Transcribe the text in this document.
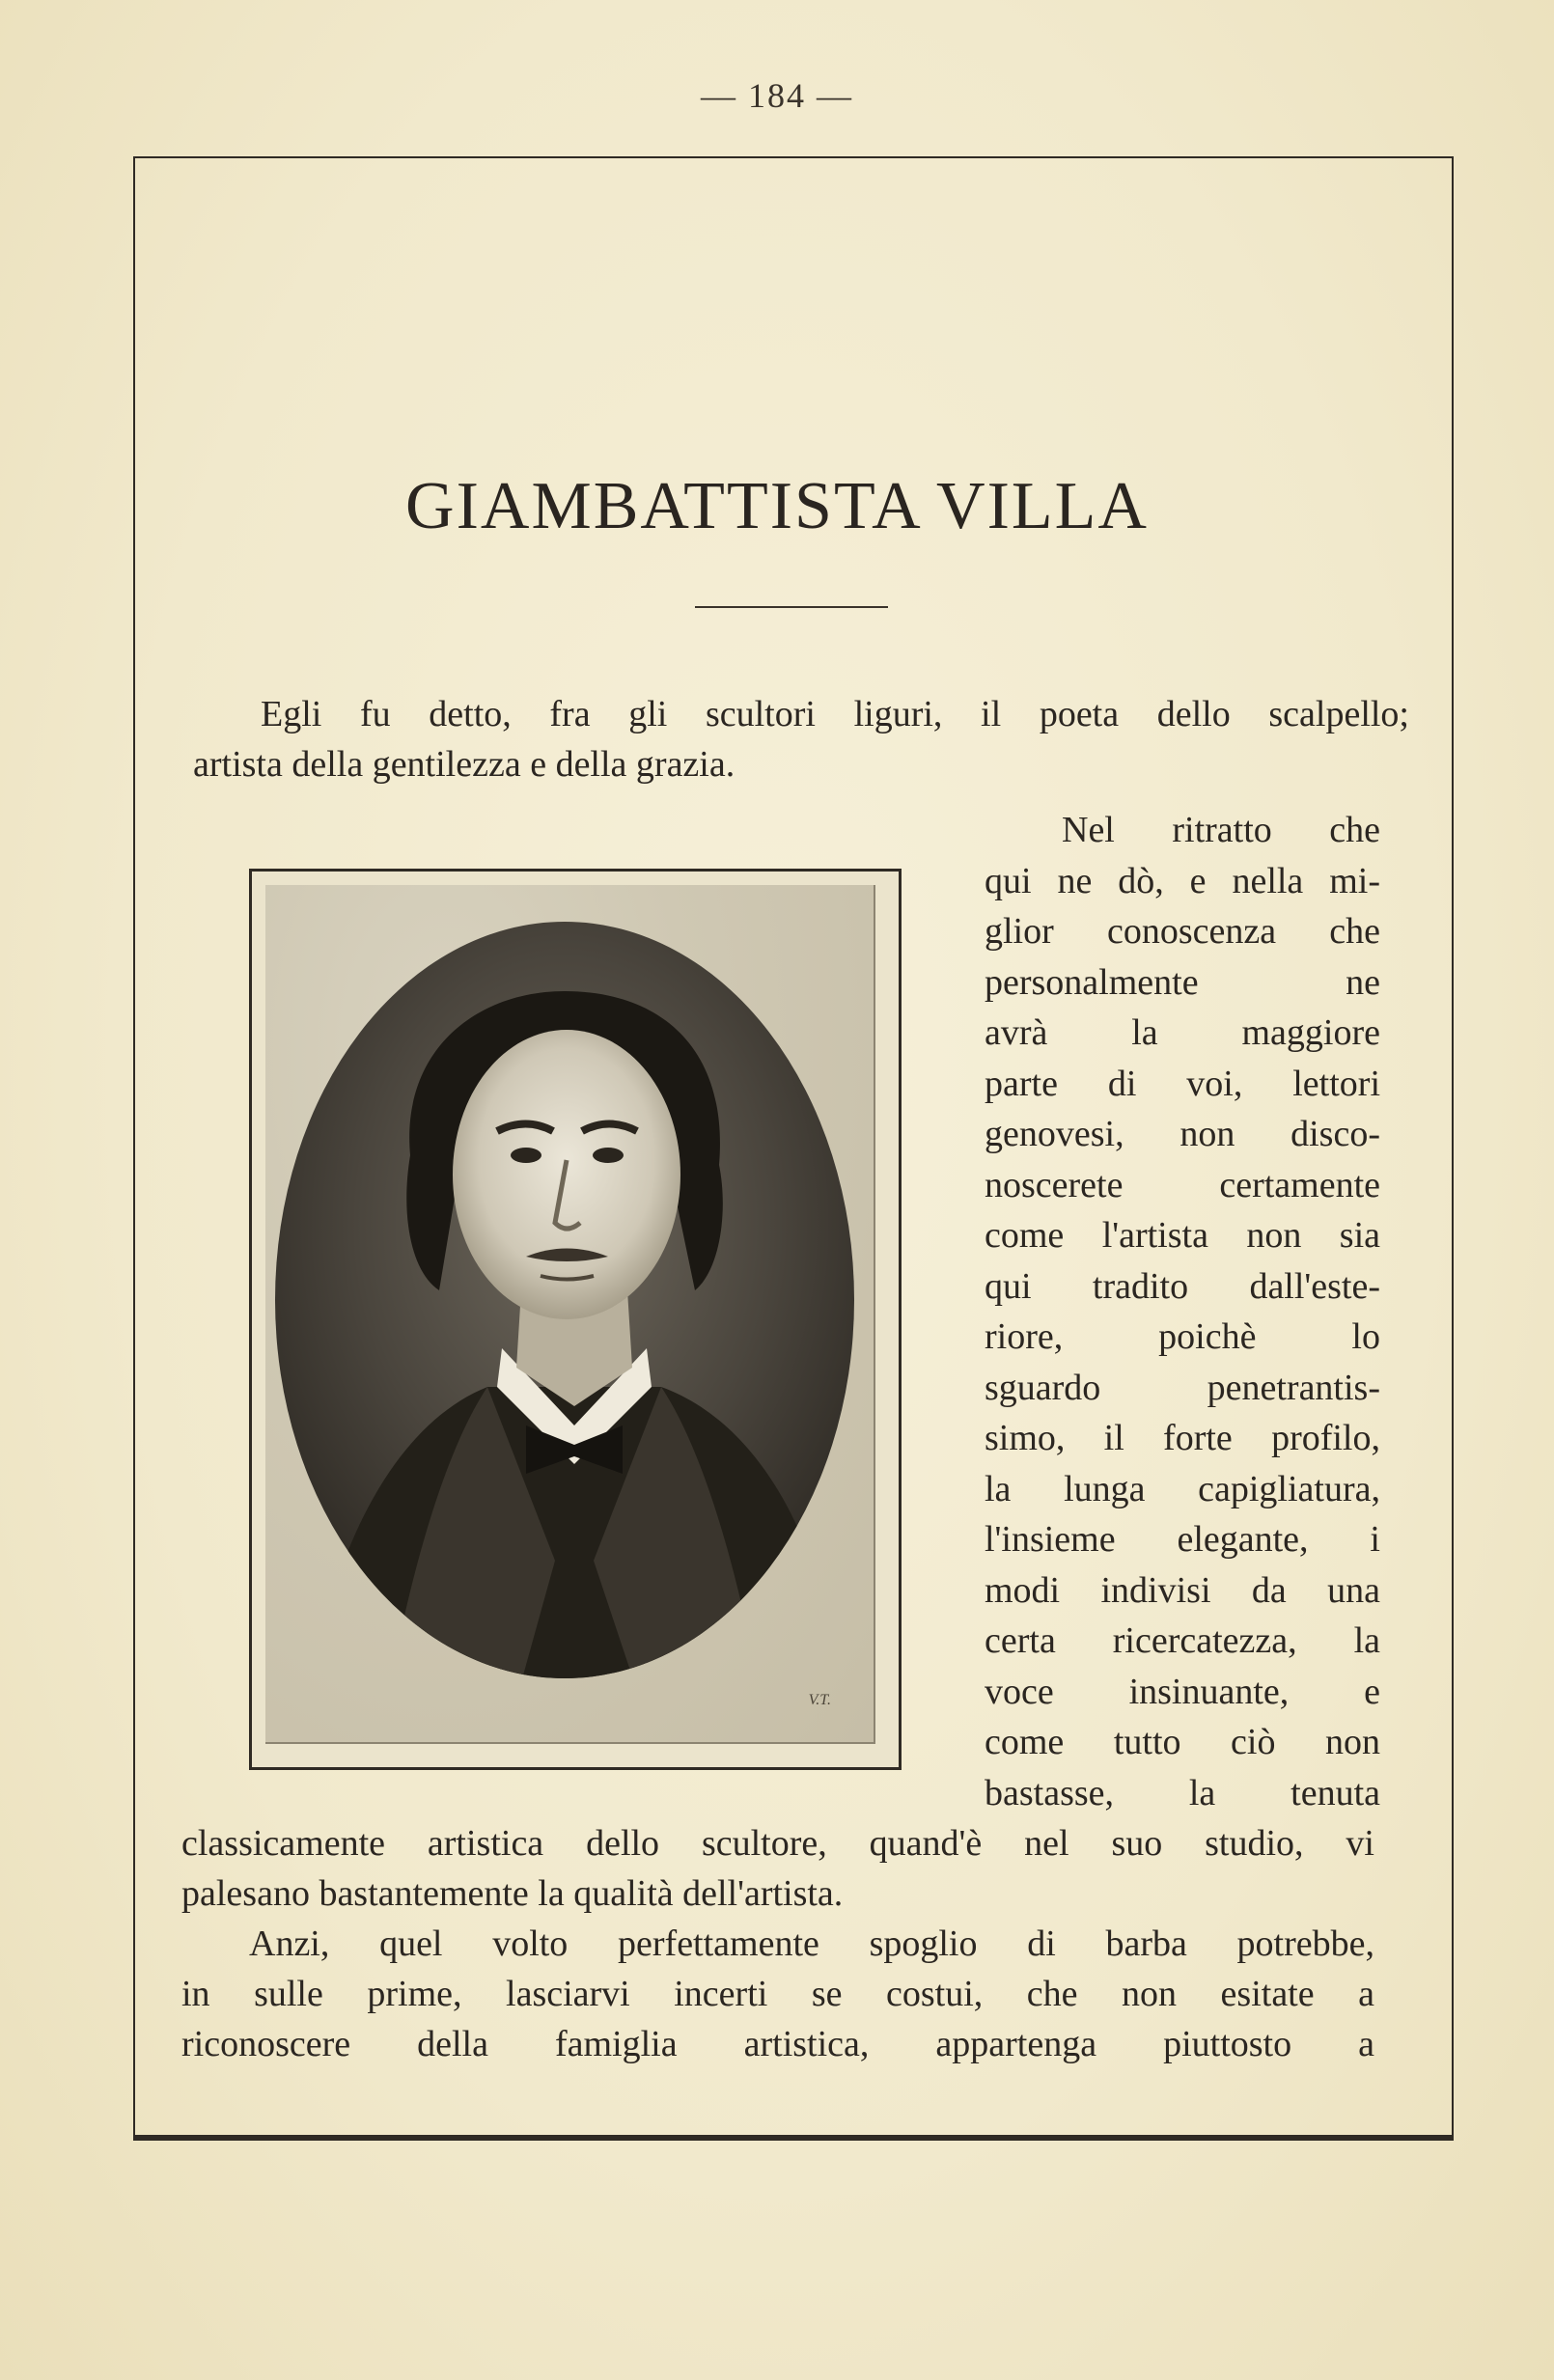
— 184 —
GIAMBATTISTA VILLA
Egli fu detto, fra gli scultori liguri, il poeta dello scalpello;
artista della gentilezza e della grazia.
V.T.
Nel ritratto che
qui ne dò, e nella mi-
glior conoscenza che
personalmente ne
avrà la maggiore
parte di voi, lettori
genovesi, non disco-
noscerete certamente
come l'artista non sia
qui tradito dall'este-
riore, poichè lo
sguardo penetrantis-
simo, il forte profilo,
la lunga capigliatura,
l'insieme elegante, i
modi indivisi da una
certa ricercatezza, la
voce insinuante, e
come tutto ciò non
bastasse, la tenuta
classicamente artistica dello scultore, quand'è nel suo studio, vi
palesano bastantemente la qualità dell'artista.
Anzi, quel volto perfettamente spoglio di barba potrebbe,
in sulle prime, lasciarvi incerti se costui, che non esitate a
riconoscere della famiglia artistica, appartenga piuttosto a
